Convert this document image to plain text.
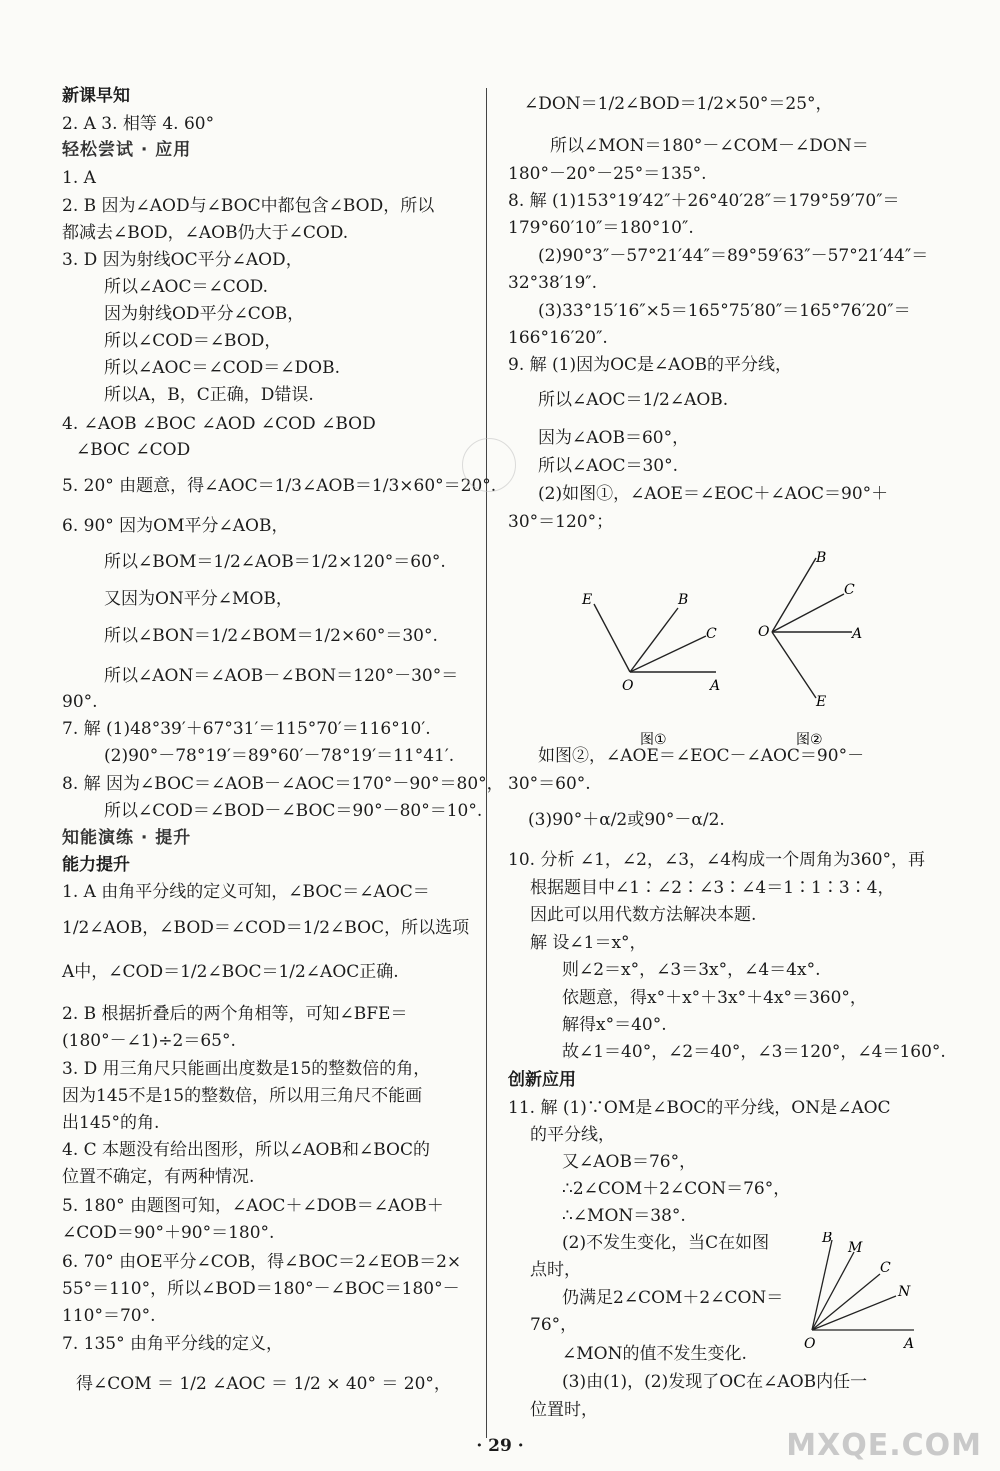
新课早知
2. A 3. 相等 4. 60°
轻松尝试 · 应用
1. A
2. B 因为∠AOD与∠BOC中都包含∠BOD，所以
都减去∠BOD，∠AOB仍大于∠COD.
3. D 因为射线OC平分∠AOD，
所以∠AOC＝∠COD.
因为射线OD平分∠COB，
所以∠COD＝∠BOD，
所以∠AOC＝∠COD＝∠DOB.
所以A，B，C正确，D错误.
4. ∠AOB ∠BOC ∠AOD ∠COD ∠BOD
∠BOC ∠COD
5. 20° 由题意，得∠AOC＝1/3∠AOB＝1/3×60°＝20°.
6. 90° 因为OM平分∠AOB，
所以∠BOM＝1/2∠AOB＝1/2×120°＝60°.
又因为ON平分∠MOB，
所以∠BON＝1/2∠BOM＝1/2×60°＝30°.
所以∠AON＝∠AOB－∠BON＝120°－30°＝
90°.
7. 解 (1)48°39′＋67°31′＝115°70′＝116°10′.
(2)90°－78°19′＝89°60′－78°19′＝11°41′.
8. 解 因为∠BOC＝∠AOB－∠AOC＝170°－90°＝80°，
所以∠COD＝∠BOD－∠BOC＝90°－80°＝10°.
知能演练 · 提升
能力提升
1. A 由角平分线的定义可知，∠BOC＝∠AOC＝
1/2∠AOB，∠BOD＝∠COD＝1/2∠BOC，所以选项
A中，∠COD＝1/2∠BOC＝1/2∠AOC正确.
2. B 根据折叠后的两个角相等，可知∠BFE＝
(180°－∠1)÷2＝65°.
3. D 用三角尺只能画出度数是15的整数倍的角，
因为145不是15的整数倍，所以用三角尺不能画
出145°的角.
4. C 本题没有给出图形，所以∠AOB和∠BOC的
位置不确定，有两种情况.
5. 180° 由题图可知，∠AOC＋∠DOB＝∠AOB＋
∠COD＝90°＋90°＝180°.
6. 70° 由OE平分∠COB，得∠BOC＝2∠EOB＝2×
55°＝110°，所以∠BOD＝180°－∠BOC＝180°－
110°＝70°.
7. 135° 由角平分线的定义，
得∠COM ＝ 1/2 ∠AOC ＝ 1/2 × 40° ＝ 20°，
∠DON＝1/2∠BOD＝1/2×50°＝25°，
所以∠MON＝180°－∠COM－∠DON＝
180°－20°－25°＝135°.
8. 解 (1)153°19′42″＋26°40′28″＝179°59′70″＝
179°60′10″＝180°10″.
(2)90°3″－57°21′44″＝89°59′63″－57°21′44″＝
32°38′19″.
(3)33°15′16″×5＝165°75′80″＝165°76′20″＝
166°16′20″.
9. 解 (1)因为OC是∠AOB的平分线，
所以∠AOC＝1/2∠AOB.
因为∠AOB＝60°，
所以∠AOC＝30°.
(2)如图①，∠AOE＝∠EOC＋∠AOC＝90°＋
30°＝120°；
如图②，∠AOE＝∠EOC－∠AOC＝90°－
30°＝60°.
(3)90°＋α/2或90°－α/2.
10. 分析 ∠1，∠2，∠3，∠4构成一个周角为360°，再
根据题目中∠1∶∠2∶∠3∶∠4＝1∶1∶3∶4，
因此可以用代数方法解决本题.
解 设∠1＝x°，
则∠2＝x°，∠3＝3x°，∠4＝4x°.
依题意，得x°＋x°＋3x°＋4x°＝360°，
解得x°＝40°.
故∠1＝40°，∠2＝40°，∠3＝120°，∠4＝160°.
创新应用
11. 解 (1)∵OM是∠BOC的平分线，ON是∠AOC
的平分线，
又∠AOB＝76°，
∴2∠COM＋2∠CON＝76°，
∴∠MON＝38°.
(2)不发生变化，当C在如图
点时，
仍满足2∠COM＋2∠CON＝
76°，
∠MON的值不发生变化.
(3)由(1)，(2)发现了OC在∠AOB内任一
位置时，
E	B
C
O	A
图①
B
C
O	A
E
图②
B
M
C
N
O	A
· 29 ·	MXQE.COM
